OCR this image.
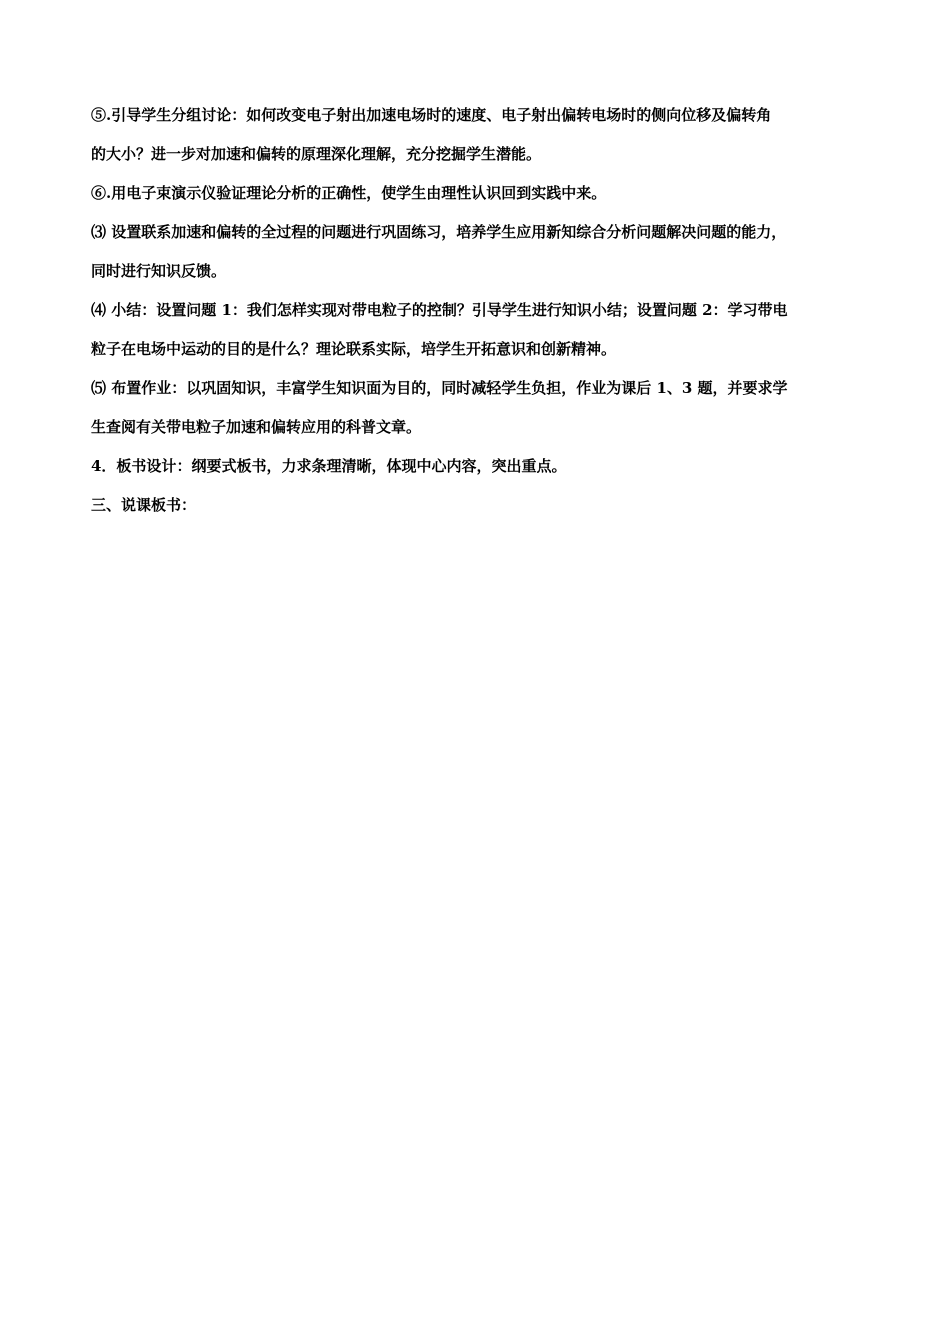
⑤.引导学生分组讨论：如何改变电子射出加速电场时的速度、电子射出偏转电场时的侧向位移及偏转角
的大小？进一步对加速和偏转的原理深化理解，充分挖掘学生潜能。

⑥.用电子束演示仪验证理论分析的正确性，使学生由理性认识回到实践中来。

⑶ 设置联系加速和偏转的全过程的问题进行巩固练习，培养学生应用新知综合分析问题解决问题的能力，
同时进行知识反馈。

⑷ 小结：设置问题 1：我们怎样实现对带电粒子的控制？引导学生进行知识小结；设置问题 2：学习带电
粒子在电场中运动的目的是什么？理论联系实际，培学生开拓意识和创新精神。

⑸ 布置作业：以巩固知识，丰富学生知识面为目的，同时减轻学生负担，作业为课后 1、3 题，并要求学
生查阅有关带电粒子加速和偏转应用的科普文章。

4．板书设计：纲要式板书，力求条理清晰，体现中心内容，突出重点。

三、说课板书：
